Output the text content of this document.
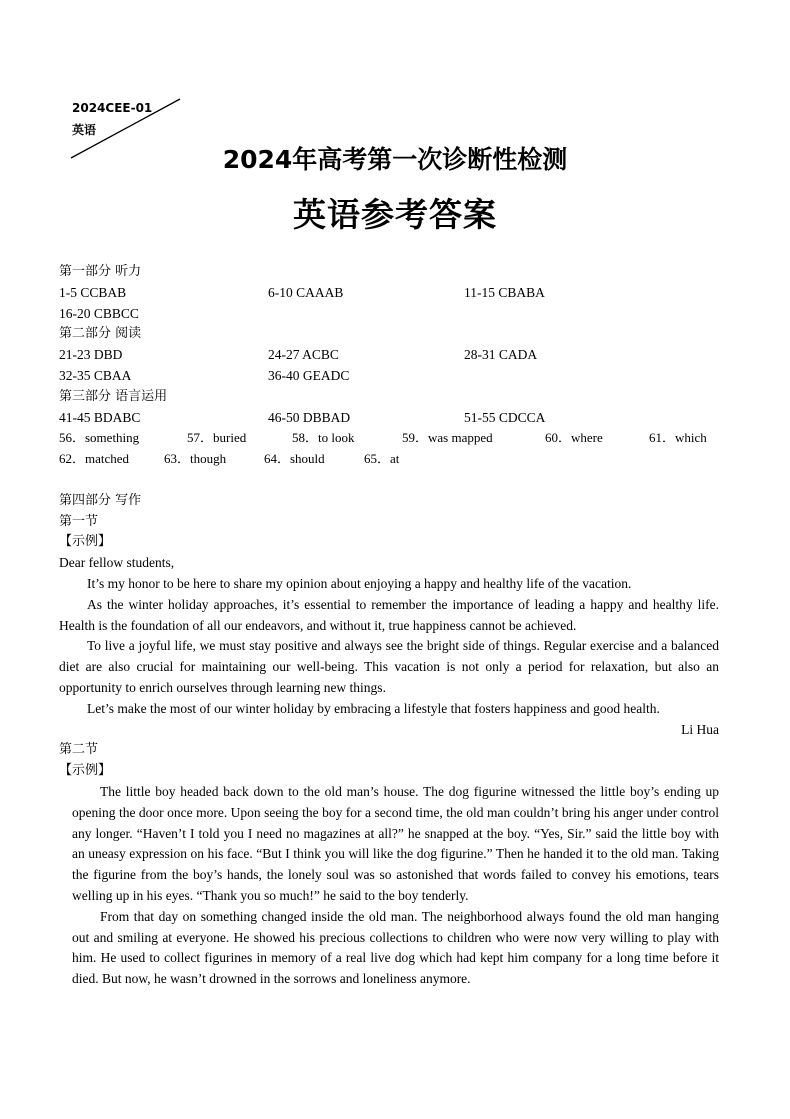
2024CEE-01
英语
2024年高考第一次诊断性检测
英语参考答案
第一部分 听力
1-5 CCBAB	6-10 CAAAB	11-15 CBABA
16-20 CBBCC
第二部分 阅读
21-23 DBD	24-27 ACBC	28-31 CADA
32-35 CBAA	36-40 GEADC
第三部分 语言运用
41-45 BDABC	46-50 DBBAD	51-55 CDCCA
56．something	57．buried	58．to look	59．was mapped	60．where	61．which
62．matched	63．though	64．should	65．at
第四部分 写作
第一节
【示例】
Dear fellow students,

It’s my honor to be here to share my opinion about enjoying a happy and healthy life of the vacation.

As the winter holiday approaches, it’s essential to remember the importance of leading a happy and healthy life. Health is the foundation of all our endeavors, and without it, true happiness cannot be achieved.

To live a joyful life, we must stay positive and always see the bright side of things. Regular exercise and a balanced diet are also crucial for maintaining our well-being. This vacation is not only a period for relaxation, but also an opportunity to enrich ourselves through learning new things.

Let’s make the most of our winter holiday by embracing a lifestyle that fosters happiness and good health.

Li Hua
第二节
【示例】

The little boy headed back down to the old man’s house. The dog figurine witnessed the little boy’s ending up opening the door once more. Upon seeing the boy for a second time, the old man couldn’t bring his anger under control any longer. “Haven’t I told you I need no magazines at all?” he snapped at the boy. “Yes, Sir.” said the little boy with an uneasy expression on his face. “But I think you will like the dog figurine.” Then he handed it to the old man. Taking the figurine from the boy’s hands, the lonely soul was so astonished that words failed to convey his emotions, tears welling up in his eyes. “Thank you so much!” he said to the boy tenderly.

From that day on something changed inside the old man. The neighborhood always found the old man hanging out and smiling at everyone. He showed his precious collections to children who were now very willing to play with him. He used to collect figurines in memory of a real live dog which had kept him company for a long time before it died. But now, he wasn’t drowned in the sorrows and loneliness anymore.
